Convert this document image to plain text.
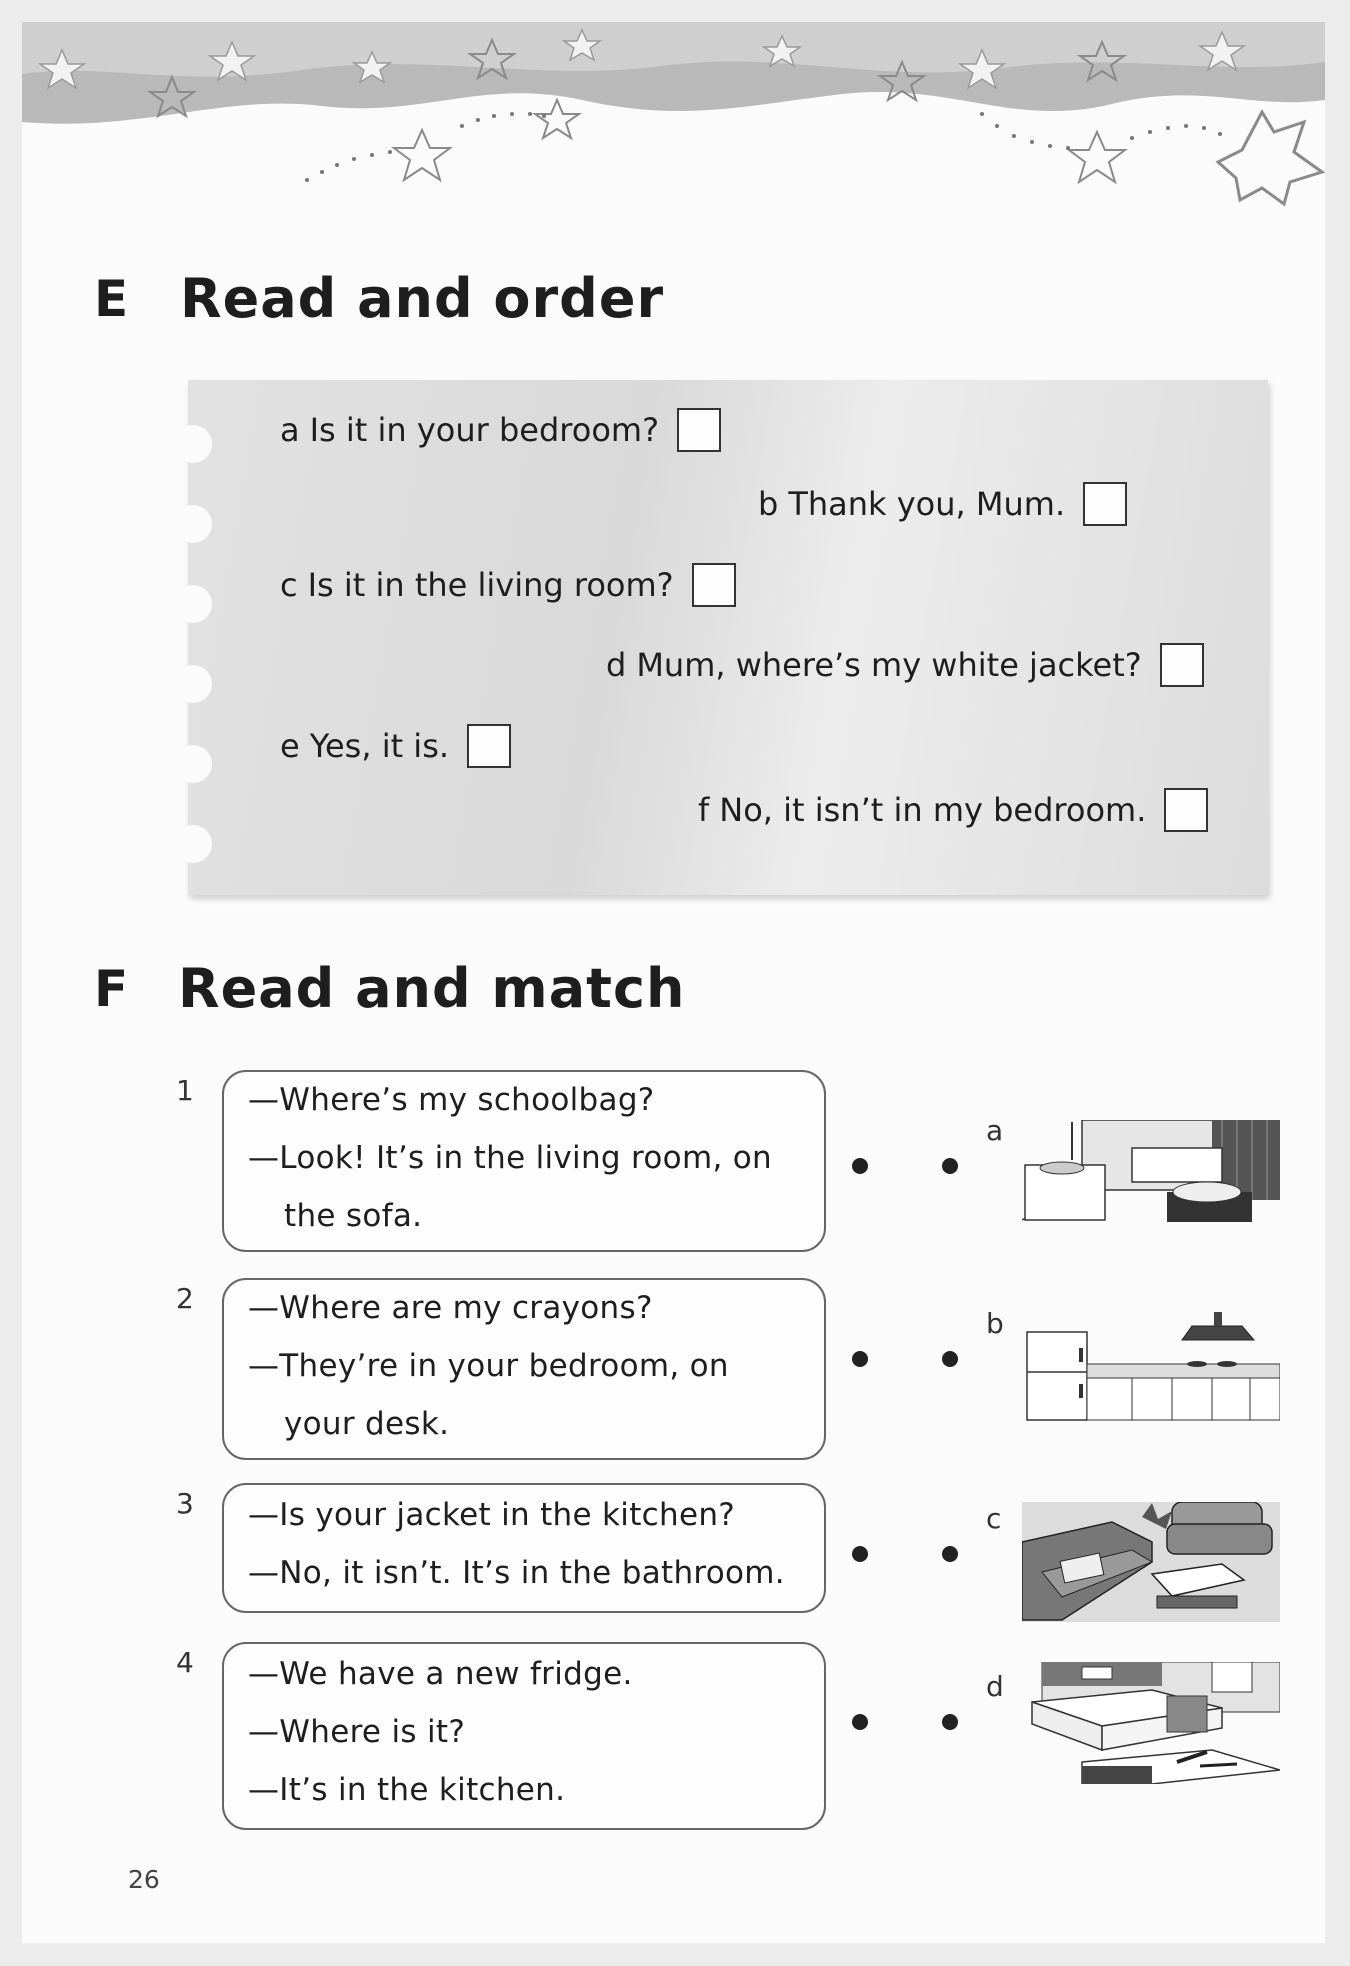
E Read and order
a Is it in your bedroom?
b Thank you, Mum.
c Is it in the living room?
d Mum, where’s my white jacket?
e Yes, it is.
f No, it isn’t in my bedroom.
F Read and match
1 —Where’s my schoolbag?
—Look! It’s in the living room, on
the sofa.
2 —Where are my crayons?
—They’re in your bedroom, on
your desk.
3 —Is your jacket in the kitchen?
—No, it isn’t. It’s in the bathroom.
4 —We have a new fridge.
—Where is it?
—It’s in the kitchen.
a
b
c
d
26
